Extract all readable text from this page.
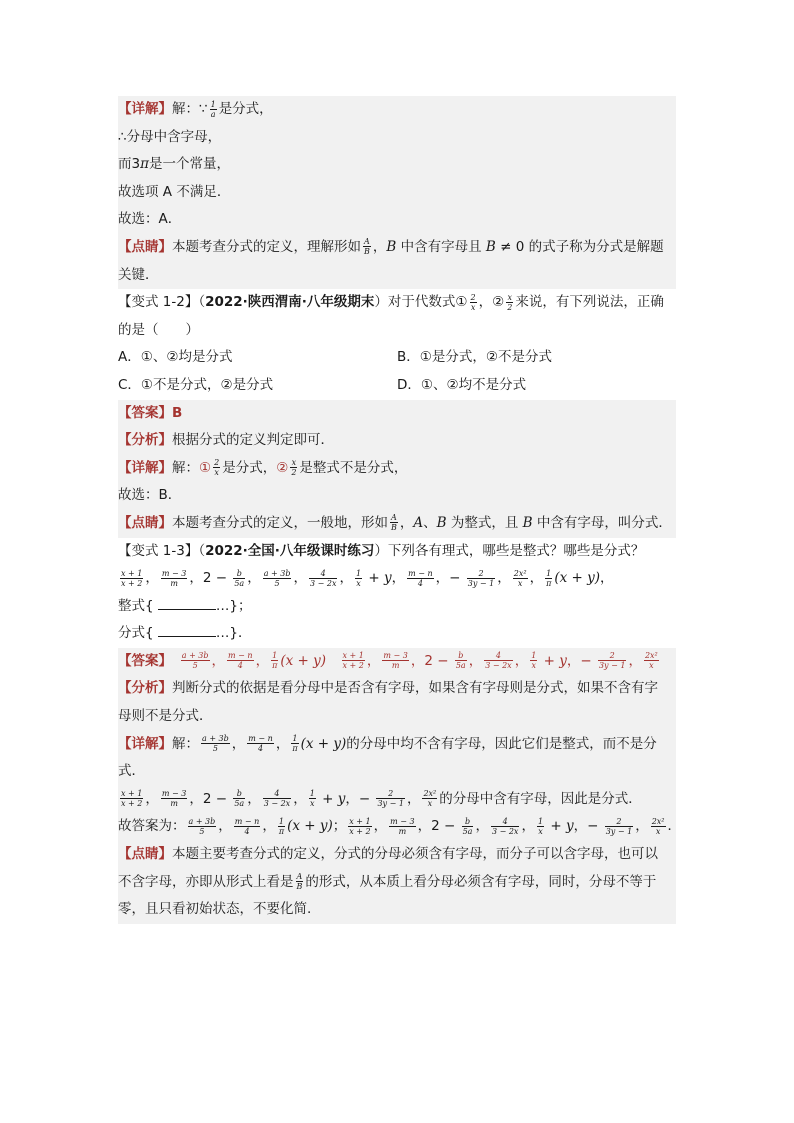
【详解】解：∵ $\frac{1}{a}$ 是分式，
∴分母中含字母，
而3π是一个常量，
故选项 A 不满足．
故选：A．
【点睛】本题考查分式的定义，理解形如 $\frac{A}{B}$ ，B 中含有字母且 B ≠ 0 的式子称为分式是解题
关键．
【变式 1-2】（2022·陕西渭南·八年级期末）对于代数式① $\frac{2}{x}$ ，② $\frac{x}{2}$ 来说，有下列说法，正确
的是（　　）
A．①、②均是分式	B．①是分式，②不是分式
C．①不是分式，②是分式	D．①、②均不是分式
【答案】B
【分析】根据分式的定义判定即可．
【详解】解：① $\frac{2}{x}$ 是分式，② $\frac{x}{2}$ 是整式不是分式，
故选：B．
【点睛】本题考查分式的定义，一般地，形如 $\frac{A}{B}$ ，A、B 为整式，且 B 中含有字母，叫分式．
【变式 1-3】（2022·全国·八年级课时练习）下列各有理式，哪些是整式？哪些是分式？
$\frac{x + 1}{x + 2}$ ， $\frac{m - 3}{m}$ ，$2 - \frac{b}{5a}$ ， $\frac{a + 3b}{5}$ ， $\frac{4}{3 - 2x}$ ， $\frac{1}{x} + y$， $\frac{m - n}{4}$ ，− $\frac{2}{3y - 1}$ ， $\frac{\text{2x²}}{x}$ ， $\frac{1}{\pi} (x + y)$，
整式{	…}；
分式{	…}．
【答案】　 $\frac{a + 3b}{5}$ ， $\frac{m - n}{4}$ ， $\frac{1}{\pi} (x + y)$　 $\frac{x + 1}{x + 2}$ ， $\frac{m - 3}{m}$ ，$2 - \frac{b}{5a}$ ， $\frac{4}{3 - 2x}$ ， $\frac{1}{x} + y$，− $\frac{2}{3y - 1}$ ， $\frac{\text{2x²}}{x}$
【分析】判断分式的依据是看分母中是否含有字母，如果含有字母则是分式，如果不含有字
母则不是分式．
【详解】解： $\frac{a + 3b}{5}$ ， $\frac{m - n}{4}$ ， $\frac{1}{\pi} (x + y)$的分母中均不含有字母，因此它们是整式，而不是分
式．
$\frac{x + 1}{x + 2}$ ， $\frac{m - 3}{m}$ ，$2 - \frac{b}{5a}$ ， $\frac{4}{3 - 2x}$ ， $\frac{1}{x} + y$，− $\frac{2}{3y - 1}$ ， $\frac{\text{2x²}}{x}$ 的分母中含有字母，因此是分式．
故答案为： $\frac{a + 3b}{5}$ ， $\frac{m - n}{4}$ ， $\frac{1}{\pi} (x + y)$； $\frac{x + 1}{x + 2}$ ， $\frac{m - 3}{m}$ ，$2 - \frac{b}{5a}$ ， $\frac{4}{3 - 2x}$ ， $\frac{1}{x} + y$，− $\frac{2}{3y - 1}$ ， $\frac{\text{2x²}}{x}$ ．
【点睛】本题主要考查分式的定义，分式的分母必须含有字母，而分子可以含字母，也可以
不含字母，亦即从形式上看是 $\frac{A}{B}$ 的形式，从本质上看分母必须含有字母，同时，分母不等于
零，且只看初始状态，不要化简.
